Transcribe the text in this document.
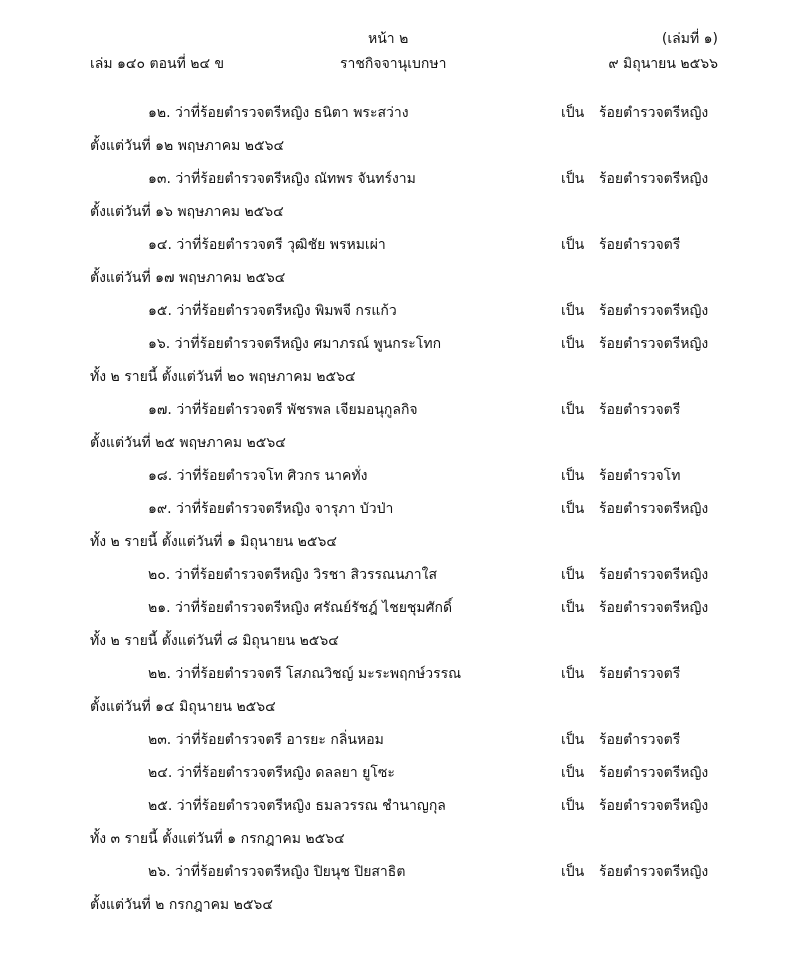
หน้า ๒	(เล่มที่ ๑)
เล่ม ๑๔๐ ตอนที่ ๒๔ ข	ราชกิจจานุเบกษา	๙ มิถุนายน ๒๕๖๖
๑๒. ว่าที่ร้อยตำรวจตรีหญิง ธนิตา พระสว่าง	เป็น ร้อยตำรวจตรีหญิง
ตั้งแต่วันที่ ๑๒ พฤษภาคม ๒๕๖๔
๑๓. ว่าที่ร้อยตำรวจตรีหญิง ณัทพร จันทร์งาม	เป็น ร้อยตำรวจตรีหญิง
ตั้งแต่วันที่ ๑๖ พฤษภาคม ๒๕๖๔
๑๔. ว่าที่ร้อยตำรวจตรี วุฒิชัย พรหมเผ่า	เป็น ร้อยตำรวจตรี
ตั้งแต่วันที่ ๑๗ พฤษภาคม ๒๕๖๔
๑๕. ว่าที่ร้อยตำรวจตรีหญิง พิมพจี กรแก้ว	เป็น ร้อยตำรวจตรีหญิง
๑๖. ว่าที่ร้อยตำรวจตรีหญิง ศมาภรณ์ พูนกระโทก	เป็น ร้อยตำรวจตรีหญิง
ทั้ง ๒ รายนี้ ตั้งแต่วันที่ ๒๐ พฤษภาคม ๒๕๖๔
๑๗. ว่าที่ร้อยตำรวจตรี พัชรพล เจียมอนุกูลกิจ	เป็น ร้อยตำรวจตรี
ตั้งแต่วันที่ ๒๕ พฤษภาคม ๒๕๖๔
๑๘. ว่าที่ร้อยตำรวจโท ศิวกร นาคทั่ง	เป็น ร้อยตำรวจโท
๑๙. ว่าที่ร้อยตำรวจตรีหญิง จารุภา บัวป่า	เป็น ร้อยตำรวจตรีหญิง
ทั้ง ๒ รายนี้ ตั้งแต่วันที่ ๑ มิถุนายน ๒๕๖๔
๒๐. ว่าที่ร้อยตำรวจตรีหญิง วิรชา สิวรรณนภาใส	เป็น ร้อยตำรวจตรีหญิง
๒๑. ว่าที่ร้อยตำรวจตรีหญิง ศรัณย์รัชฎ์ ไชยชุมศักดิ์	เป็น ร้อยตำรวจตรีหญิง
ทั้ง ๒ รายนี้ ตั้งแต่วันที่ ๘ มิถุนายน ๒๕๖๔
๒๒. ว่าที่ร้อยตำรวจตรี โสภณวิชญ์ มะระพฤกษ์วรรณ	เป็น ร้อยตำรวจตรี
ตั้งแต่วันที่ ๑๔ มิถุนายน ๒๕๖๔
๒๓. ว่าที่ร้อยตำรวจตรี อารยะ กลิ่นหอม	เป็น ร้อยตำรวจตรี
๒๔. ว่าที่ร้อยตำรวจตรีหญิง ดลลยา ยูโซะ	เป็น ร้อยตำรวจตรีหญิง
๒๕. ว่าที่ร้อยตำรวจตรีหญิง ธมลวรรณ ชำนาญกุล	เป็น ร้อยตำรวจตรีหญิง
ทั้ง ๓ รายนี้ ตั้งแต่วันที่ ๑ กรกฎาคม ๒๕๖๔
๒๖. ว่าที่ร้อยตำรวจตรีหญิง ปิยนุช ปิยสาธิต	เป็น ร้อยตำรวจตรีหญิง
ตั้งแต่วันที่ ๒ กรกฎาคม ๒๕๖๔
